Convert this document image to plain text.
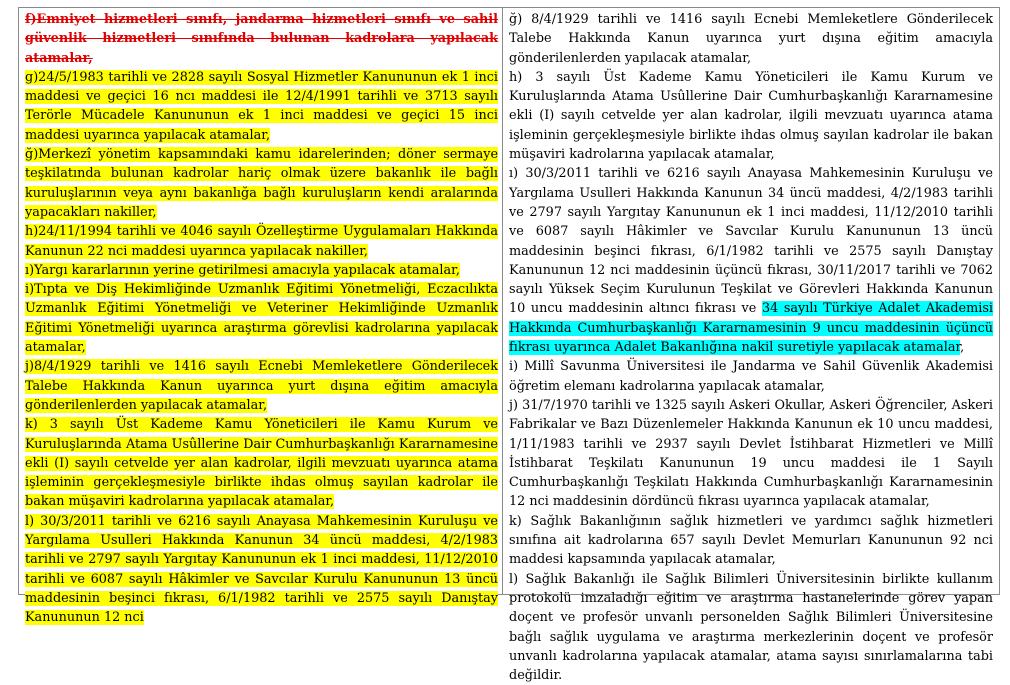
f)Emniyet hizmetleri sınıfı, jandarma hizmetleri sınıfı ve sahil güvenlik hizmetleri sınıfında bulunan kadrolara yapılacak atamalar,

g)24/5/1983 tarihli ve 2828 sayılı Sosyal Hizmetler Kanununun ek 1 inci maddesi ve geçici 16 ncı maddesi ile 12/4/1991 tarihli ve 3713 sayılı Terörle Mücadele Kanununun ek 1 inci maddesi ve geçici 15 inci maddesi uyarınca yapılacak atamalar,

ğ)Merkezî yönetim kapsamındaki kamu idarelerinden; döner sermaye teşkilatında bulunan kadrolar hariç olmak üzere bakanlık ile bağlı kuruluşlarının veya aynı bakanlığa bağlı kuruluşların kendi aralarında yapacakları nakiller,

h)24/11/1994 tarihli ve 4046 sayılı Özelleştirme Uygulamaları Hakkında Kanunun 22 nci maddesi uyarınca yapılacak nakiller,

ı)Yargı kararlarının yerine getirilmesi amacıyla yapılacak atamalar,

i)Tıpta ve Diş Hekimliğinde Uzmanlık Eğitimi Yönetmeliği, Eczacılıkta Uzmanlık Eğitimi Yönetmeliği ve Veteriner Hekimliğinde Uzmanlık Eğitimi Yönetmeliği uyarınca araştırma görevlisi kadrolarına yapılacak atamalar,

j)8/4/1929 tarihli ve 1416 sayılı Ecnebi Memleketlere Gönderilecek Talebe Hakkında Kanun uyarınca yurt dışına eğitim amacıyla gönderilenlerden yapılacak atamalar,

k) 3 sayılı Üst Kademe Kamu Yöneticileri ile Kamu Kurum ve Kuruluşlarında Atama Usûllerine Dair Cumhurbaşkanlığı Kararnamesine ekli (I) sayılı cetvelde yer alan kadrolar, ilgili mevzuatı uyarınca atama işleminin gerçekleşmesiyle birlikte ihdas olmuş sayılan kadrolar ile bakan müşaviri kadrolarına yapılacak atamalar,

l) 30/3/2011 tarihli ve 6216 sayılı Anayasa Mahkemesinin Kuruluşu ve Yargılama Usulleri Hakkında Kanunun 34 üncü maddesi, 4/2/1983 tarihli ve 2797 sayılı Yargıtay Kanununun ek 1 inci maddesi, 11/12/2010 tarihli ve 6087 sayılı Hâkimler ve Savcılar Kurulu Kanununun 13 üncü maddesinin beşinci fıkrası, 6/1/1982 tarihli ve 2575 sayılı Danıştay Kanununun 12 nci

ğ) 8/4/1929 tarihli ve 1416 sayılı Ecnebi Memleketlere Gönderilecek Talebe Hakkında Kanun uyarınca yurt dışına eğitim amacıyla gönderilenlerden yapılacak atamalar,

h) 3 sayılı Üst Kademe Kamu Yöneticileri ile Kamu Kurum ve Kuruluşlarında Atama Usûllerine Dair Cumhurbaşkanlığı Kararnamesine ekli (I) sayılı cetvelde yer alan kadrolar, ilgili mevzuatı uyarınca atama işleminin gerçekleşmesiyle birlikte ihdas olmuş sayılan kadrolar ile bakan müşaviri kadrolarına yapılacak atamalar,

ı) 30/3/2011 tarihli ve 6216 sayılı Anayasa Mahkemesinin Kuruluşu ve Yargılama Usulleri Hakkında Kanunun 34 üncü maddesi, 4/2/1983 tarihli ve 2797 sayılı Yargıtay Kanununun ek 1 inci maddesi, 11/12/2010 tarihli ve 6087 sayılı Hâkimler ve Savcılar Kurulu Kanununun 13 üncü maddesinin beşinci fıkrası, 6/1/1982 tarihli ve 2575 sayılı Danıştay Kanununun 12 nci maddesinin üçüncü fıkrası, 30/11/2017 tarihli ve 7062 sayılı Yüksek Seçim Kurulunun Teşkilat ve Görevleri Hakkında Kanunun 10 uncu maddesinin altıncı fıkrası ve 34 sayılı Türkiye Adalet Akademisi Hakkında Cumhurbaşkanlığı Kararnamesinin 9 uncu maddesinin üçüncü fıkrası uyarınca Adalet Bakanlığına nakil suretiyle yapılacak atamalar,

i) Millî Savunma Üniversitesi ile Jandarma ve Sahil Güvenlik Akademisi öğretim elemanı kadrolarına yapılacak atamalar,

j) 31/7/1970 tarihli ve 1325 sayılı Askeri Okullar, Askeri Öğrenciler, Askeri Fabrikalar ve Bazı Düzenlemeler Hakkında Kanunun ek 10 uncu maddesi, 1/11/1983 tarihli ve 2937 sayılı Devlet İstihbarat Hizmetleri ve Millî İstihbarat Teşkilatı Kanununun 19 uncu maddesi ile 1 Sayılı Cumhurbaşkanlığı Teşkilatı Hakkında Cumhurbaşkanlığı Kararnamesinin 12 nci maddesinin dördüncü fıkrası uyarınca yapılacak atamalar,

k) Sağlık Bakanlığının sağlık hizmetleri ve yardımcı sağlık hizmetleri sınıfına ait kadrolarına 657 sayılı Devlet Memurları Kanununun 92 nci maddesi kapsamında yapılacak atamalar,

l) Sağlık Bakanlığı ile Sağlık Bilimleri Üniversitesinin birlikte kullanım protokolü imzaladığı eğitim ve araştırma hastanelerinde görev yapan doçent ve profesör unvanlı personelden Sağlık Bilimleri Üniversitesine bağlı sağlık uygulama ve araştırma merkezlerinin doçent ve profesör unvanlı kadrolarına yapılacak atamalar, atama sayısı sınırlamalarına tabi değildir.
